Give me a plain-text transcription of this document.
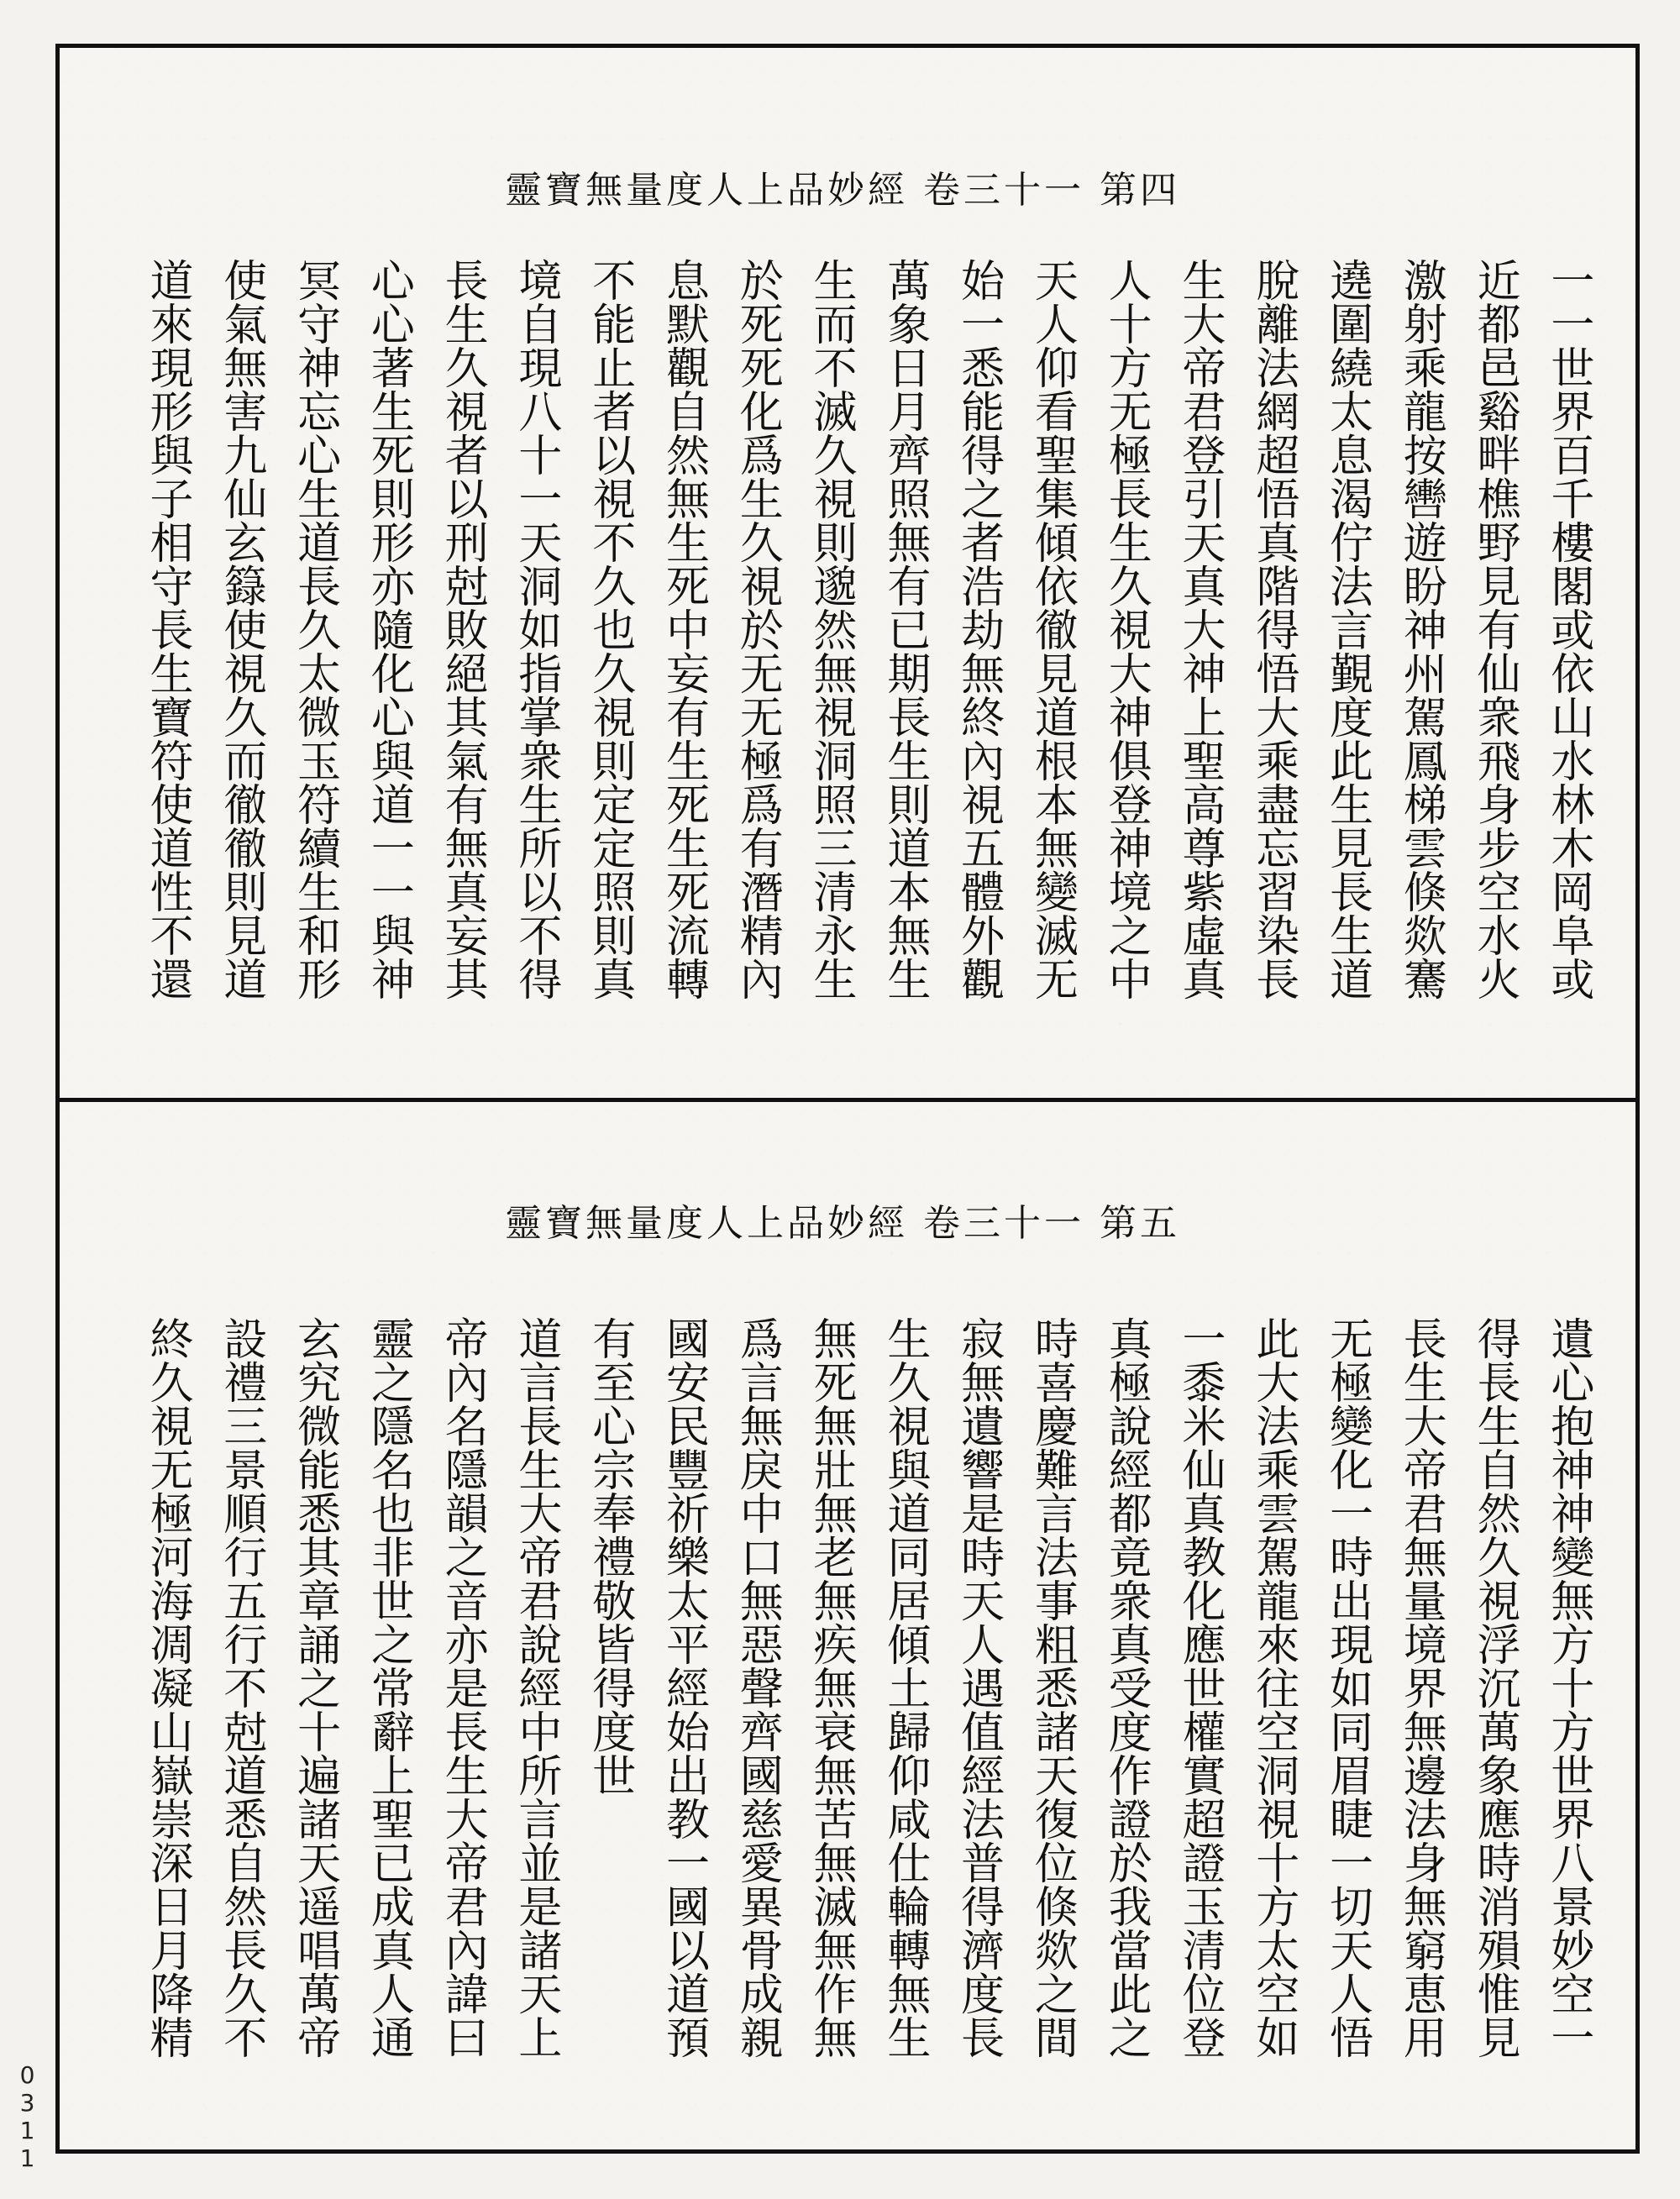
靈寶無量度人上品妙經 卷三十一 第四
一一世界百千樓閣或依山水林木岡阜或
近都邑谿畔樵野見有仙衆飛身步空水火
激射乘龍按轡遊盼神州駕鳳梯雲倏欻騫
遶圍繞太息渴佇法言覲度此生見長生道
脫離法網超悟真階得悟大乘盡忘習染長
生大帝君登引天真大神上聖高尊紫虛真
人十方无極長生久視大神俱登神境之中
天人仰看聖集傾依徹見道根本無變滅无
始一悉能得之者浩劫無終內視五體外觀
萬象日月齊照無有已期長生則道本無生
生而不滅久視則邈然無視洞照三清永生
於死死化爲生久視於无无極爲有潛精內
息默觀自然無生死中妄有生死生死流轉
不能止者以視不久也久視則定定照則真
境自現八十一天洞如指掌衆生所以不得
長生久視者以刑尅敗絕其氣有無真妄其
心心著生死則形亦隨化心與道一一與神
冥守神忘心生道長久太微玉符續生和形
使氣無害九仙玄籙使視久而徹徹則見道
道來現形與子相守長生寶符使道性不還
靈寶無量度人上品妙經 卷三十一 第五
遺心抱神神變無方十方世界八景妙空一
得長生自然久視浮沉萬象應時消殞惟見
長生大帝君無量境界無邊法身無窮恵用
无極變化一時出現如同眉睫一切天人悟
此大法乘雲駕龍來往空洞視十方太空如
一黍米仙真教化應世權實超證玉清位登
真極說經都竟衆真受度作證於我當此之
時喜慶難言法事粗悉諸天復位倏欻之間
寂無遺響是時天人遇值經法普得濟度長
生久視與道同居傾土歸仰咸仕輪轉無生
無死無壯無老無疾無衰無苦無滅無作無
爲言無戾中口無惡聲齊國慈愛異骨成親
國安民豐祈樂太平經始出教一國以道預
有至心宗奉禮敬皆得度世
道言長生大帝君說經中所言並是諸天上
帝內名隱韻之音亦是長生大帝君內諱曰
靈之隱名也非世之常辭上聖已成真人通
玄究微能悉其章誦之十遍諸天遥唱萬帝
設禮三景順行五行不尅道悉自然長久不
終久視无極河海凋凝山嶽崇深日月降精
0311
